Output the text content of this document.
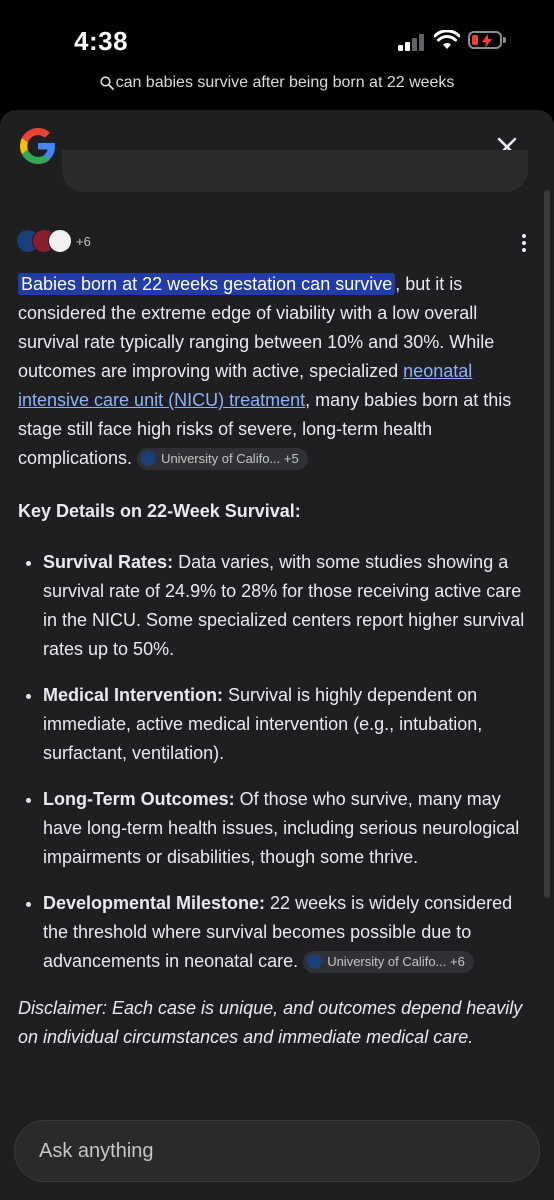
4:38
can babies survive after being born at 22 weeks
+6

Babies born at 22 weeks gestation can survive , but it is considered the extreme edge of viability with a low overall survival rate typically ranging between 10% and 30%. While outcomes are improving with active, specialized neonatal intensive care unit (NICU) treatment, many babies born at this stage still face high risks of severe, long-term health complications. University of Califo... +5

Key Details on 22-Week Survival:

• Survival Rates: Data varies, with some studies showing a survival rate of 24.9% to 28% for those receiving active care in the NICU. Some specialized centers report higher survival rates up to 50%.
• Medical Intervention: Survival is highly dependent on immediate, active medical intervention (e.g., intubation, surfactant, ventilation).
• Long-Term Outcomes: Of those who survive, many may have long-term health issues, including serious neurological impairments or disabilities, though some thrive.
• Developmental Milestone: 22 weeks is widely considered the threshold where survival becomes possible due to advancements in neonatal care. University of Califo... +6

Disclaimer: Each case is unique, and outcomes depend heavily on individual circumstances and immediate medical care.

Ask anything
